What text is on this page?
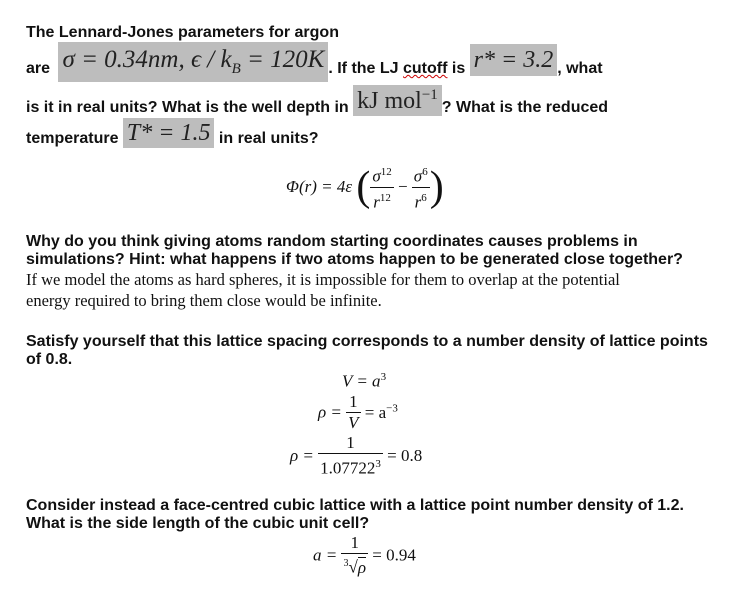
The Lennard-Jones parameters for argon
are σ = 0.34nm, $\epsilon / k_B = 120K$ . If the LJ cutoff is r* = 3.2 , what
is it in real units? What is the well depth in kJ mol$^{-1}$? What is the reduced
temperature T* = 1.5 in real units?
Φ(r) = 4ε ( $\frac{\sigma^{12}}{r^{12}} - \frac{\sigma^6}{r^6}$ )
Why do you think giving atoms random starting coordinates causes problems in
simulations? Hint: what happens if two atoms happen to be generated close together?
If we model the atoms as hard spheres, it is impossible for them to overlap at the potential
energy required to bring them close would be infinite.
Satisfy yourself that this lattice spacing corresponds to a number density of lattice points
of 0.8.
$V = a^3$
$\rho = \frac{1}{V} = a^{-3}$
$\rho = \frac{1}{1.07722^3} = 0.8$
Consider instead a face-centred cubic lattice with a lattice point number density of 1.2.
What is the side length of the cubic unit cell?
$a = \frac{1}{^3√\rho} = 0.94$
